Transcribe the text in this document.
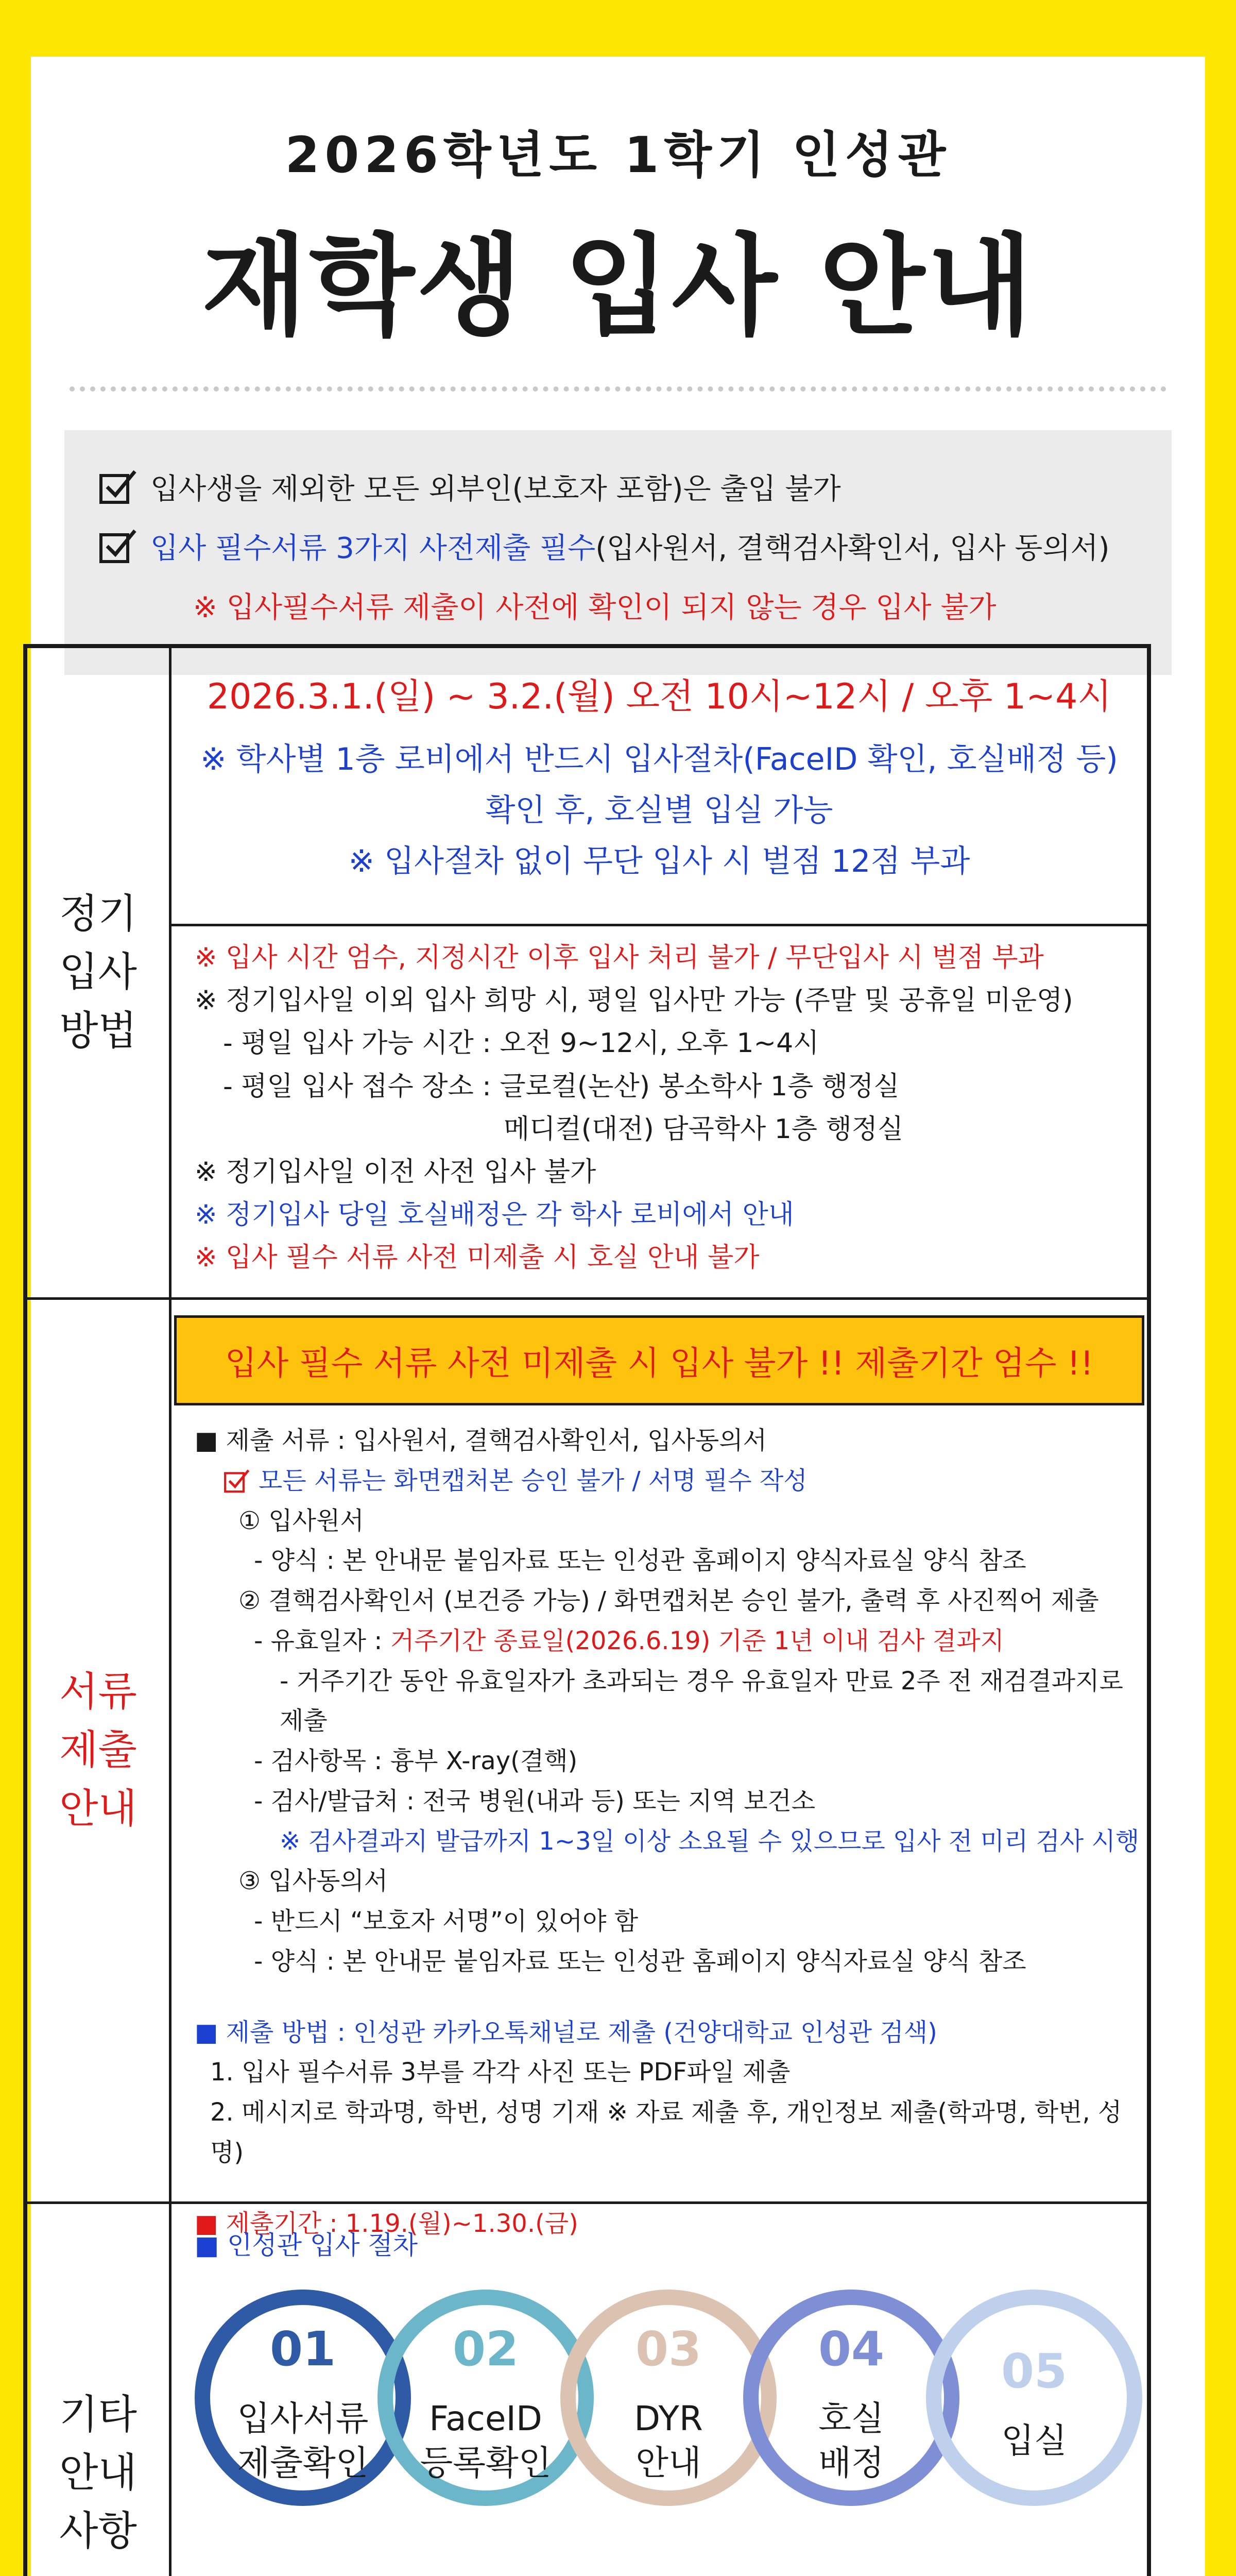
2026학년도 1학기 인성관
재학생 입사 안내
입사생을 제외한 모든 외부인(보호자 포함)은 출입 불가
입사 필수서류 3가지 사전제출 필수 (입사원서, 결핵검사확인서, 입사 동의서)
※ 입사필수서류 제출이 사전에 확인이 되지 않는 경우 입사 불가
정기
입사
방법
2026.3.1.(일) ~ 3.2.(월) 오전 10시~12시 / 오후 1~4시
※ 학사별 1층 로비에서 반드시 입사절차(FaceID 확인, 호실배정 등)
확인 후, 호실별 입실 가능
※ 입사절차 없이 무단 입사 시 벌점 12점 부과
※ 입사 시간 엄수, 지정시간 이후 입사 처리 불가 / 무단입사 시 벌점 부과
※ 정기입사일 이외 입사 희망 시, 평일 입사만 가능 (주말 및 공휴일 미운영)
- 평일 입사 가능 시간 : 오전 9~12시, 오후 1~4시
- 평일 입사 접수 장소 : 글로컬(논산) 봉소학사 1층 행정실
메디컬(대전) 담곡학사 1층 행정실
※ 정기입사일 이전 사전 입사 불가
※ 정기입사 당일 호실배정은 각 학사 로비에서 안내
※ 입사 필수 서류 사전 미제출 시 호실 안내 불가
서류
제출
안내
입사 필수 서류 사전 미제출 시 입사 불가 !! 제출기간 엄수 !!
■ 제출 서류 : 입사원서, 결핵검사확인서, 입사동의서
모든 서류는 화면캡처본 승인 불가 / 서명 필수 작성
① 입사원서
- 양식 : 본 안내문 붙임자료 또는 인성관 홈페이지 양식자료실 양식 참조
② 결핵검사확인서 (보건증 가능) / 화면캡처본 승인 불가, 출력 후 사진찍어 제출
- 유효일자 : 거주기간 종료일(2026.6.19) 기준 1년 이내 검사 결과지
- 거주기간 동안 유효일자가 초과되는 경우 유효일자 만료 2주 전 재검결과지로 제출
- 검사항목 : 흉부 X-ray(결핵)
- 검사/발급처 : 전국 병원(내과 등) 또는 지역 보건소
※ 검사결과지 발급까지 1~3일 이상 소요될 수 있으므로 입사 전 미리 검사 시행
③ 입사동의서
- 반드시 “보호자 서명”이 있어야 함
- 양식 : 본 안내문 붙임자료 또는 인성관 홈페이지 양식자료실 양식 참조
■ 제출 방법 : 인성관 카카오톡채널로 제출 (건양대학교 인성관 검색)
1. 입사 필수서류 3부를 각각 사진 또는 PDF파일 제출
2. 메시지로 학과명, 학번, 성명 기재 ※ 자료 제출 후, 개인정보 제출(학과명, 학번, 성명)
■ 제출기간 : 1.19.(월)~1.30.(금)
기타
안내
사항
■ 인성관 입사 절차
01
입사서류
제출확인
02
FaceID
등록확인
03
DYR
안내
04
호실
배정
05
입실
